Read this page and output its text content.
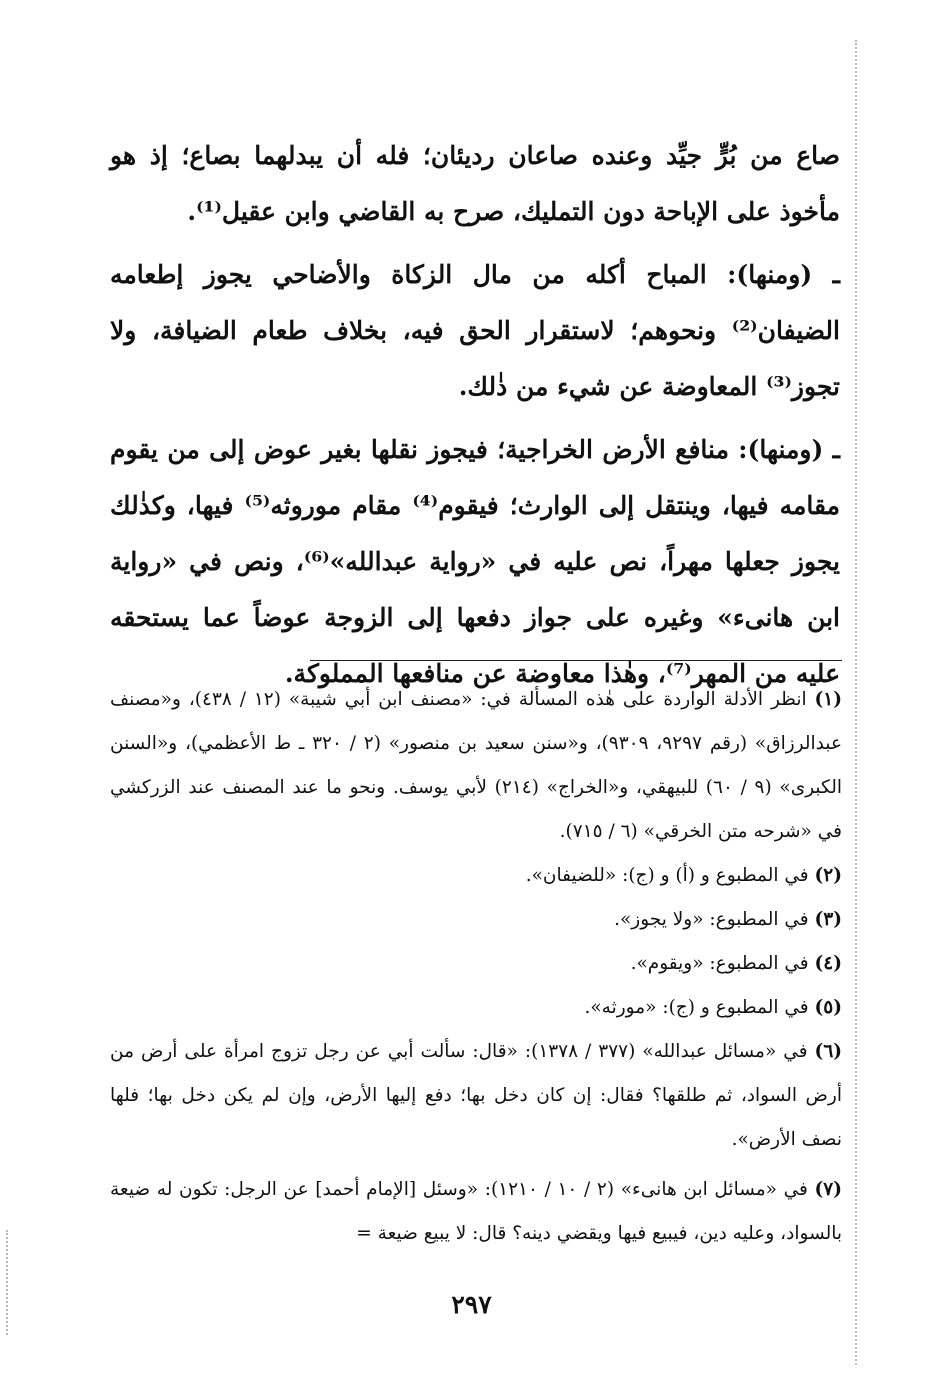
صاع من بُرٍّ جيِّد وعنده صاعان رديئان؛ فله أن يبدلهما بصاع؛ إذ هو مأخوذ على الإباحة دون التمليك، صرح به القاضي وابن عقيل⁽¹⁾.

ـ (ومنها): المباح أكله من مال الزكاة والأضاحي يجوز إطعامه الضيفان⁽²⁾ ونحوهم؛ لاستقرار الحق فيه، بخلاف طعام الضيافة، ولا تجوز⁽³⁾ المعاوضة عن شيء من ذٰلك.

ـ (ومنها): منافع الأرض الخراجية؛ فيجوز نقلها بغير عوض إلى من يقوم مقامه فيها، وينتقل إلى الوارث؛ فيقوم⁽⁴⁾ مقام موروثه⁽⁵⁾ فيها، وكذٰلك يجوز جعلها مهراً، نص عليه في «رواية عبدالله»⁽⁶⁾، ونص في «رواية ابن هانىء» وغيره على جواز دفعها إلى الزوجة عوضاً عما يستحقه عليه من المهر⁽⁷⁾، وهٰذا معاوضة عن منافعها المملوكة.

(١) انظر الأدلة الواردة على هٰذه المسألة في: «مصنف ابن أبي شيبة» (١٢ / ٤٣٨)، و«مصنف عبدالرزاق» (رقم ٩٢٩٧، ٩٣٠٩)، و«سنن سعيد بن منصور» (٢ / ٣٢٠ ـ ط الأعظمي)، و«السنن الكبرى» (٩ / ٦٠) للبيهقي، و«الخراج» (٢١٤) لأبي يوسف. ونحو ما عند المصنف عند الزركشي في «شرحه متن الخرقي» (٦ / ٧١٥).

(٢) في المطبوع و (أ) و (ج): «للضيفان».

(٣) في المطبوع: «ولا يجوز».

(٤) في المطبوع: «ويقوم».

(٥) في المطبوع و (ج): «مورثه».

(٦) في «مسائل عبدالله» (٣٧٧ / ١٣٧٨): «قال: سألت أبي عن رجل تزوج امرأة على أرض من أرض السواد، ثم طلقها؟ فقال: إن كان دخل بها؛ دفع إليها الأرض، وإن لم يكن دخل بها؛ فلها نصف الأرض».

(٧) في «مسائل ابن هانىء» (٢ / ١٠ / ١٢١٠): «وسئل [الإمام أحمد] عن الرجل: تكون له ضيعة بالسواد، وعليه دين، فيبيع فيها ويقضي دينه؟ قال: لا يبيع ضيعة =

٢٩٧
